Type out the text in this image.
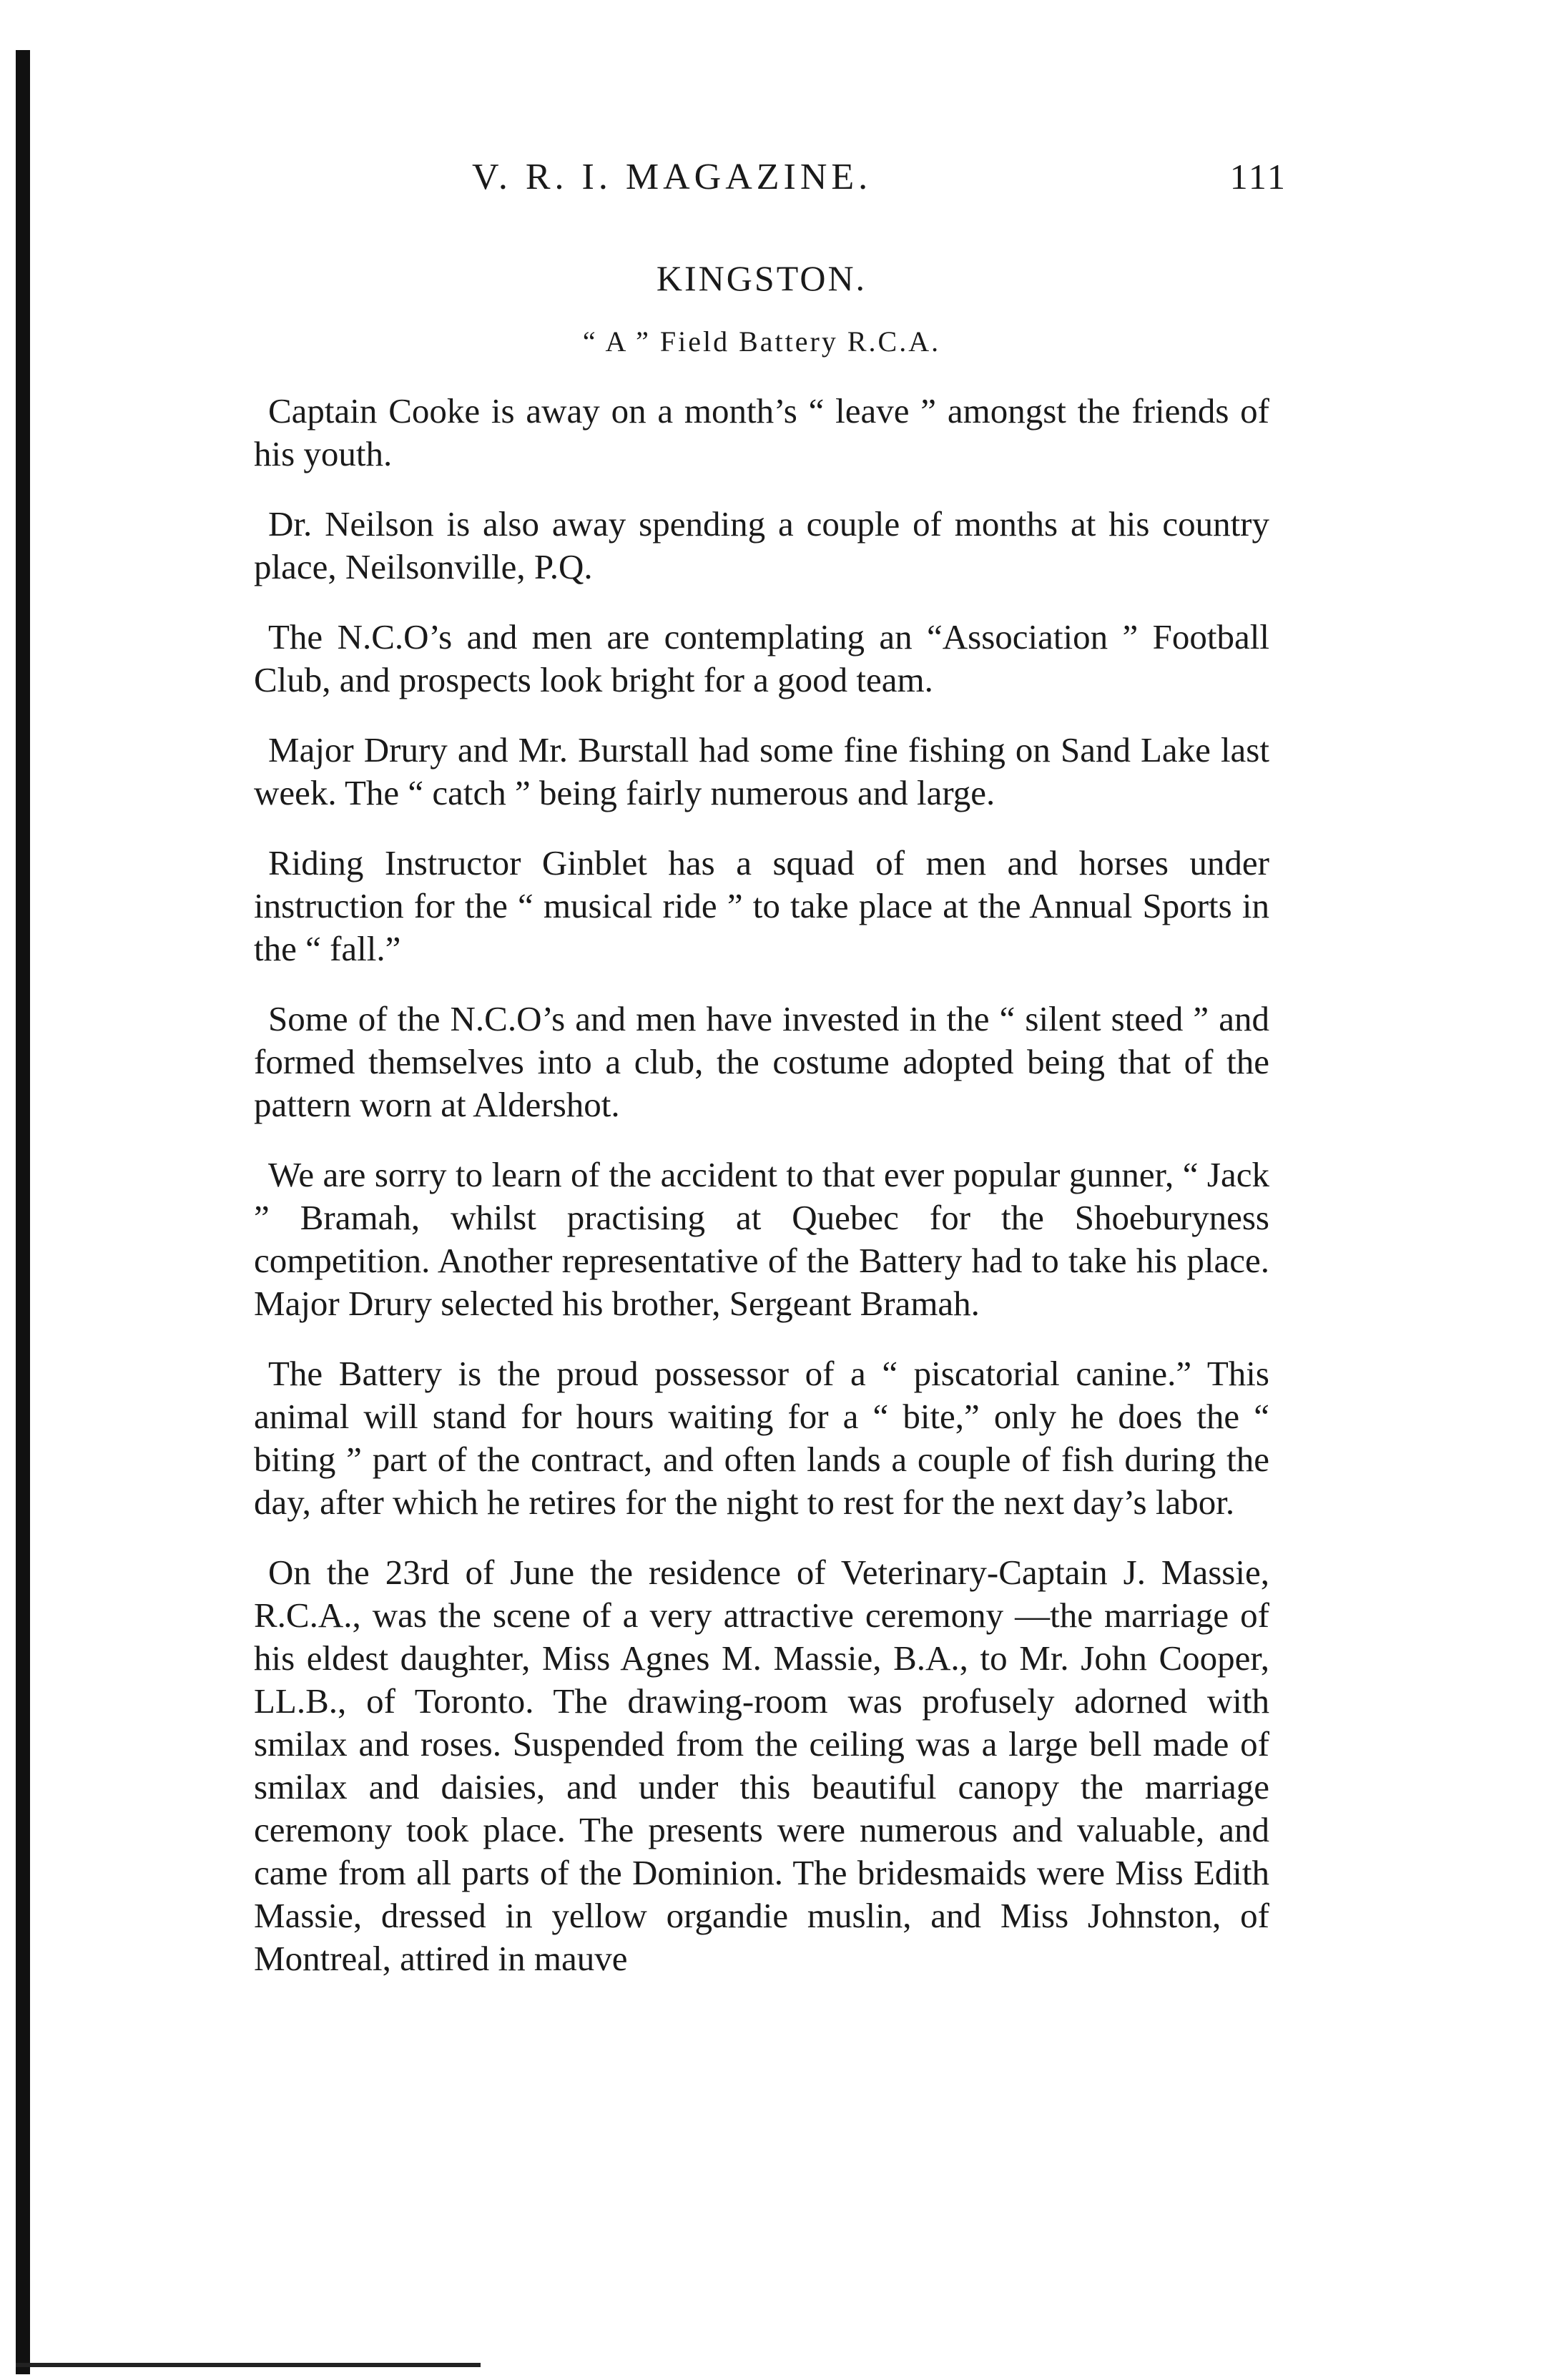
V. R. I. MAGAZINE.	111
KINGSTON.
“ A ” Field Battery R.C.A.

Captain Cooke is away on a month’s “ leave ” amongst the friends of his youth.

Dr. Neilson is also away spending a couple of months at his country place, Neilsonville, P.Q.

The N.C.O’s and men are contemplating an “Association ” Football Club, and prospects look bright for a good team.

Major Drury and Mr. Burstall had some fine fishing on Sand Lake last week. The “ catch ” being fairly numerous and large.

Riding Instructor Ginblet has a squad of men and horses under instruction for the “ musical ride ” to take place at the Annual Sports in the “ fall.”

Some of the N.C.O’s and men have invested in the “ silent steed ” and formed themselves into a club, the costume adopted being that of the pattern worn at Aldershot.

We are sorry to learn of the accident to that ever popular gunner, “ Jack ” Bramah, whilst practising at Quebec for the Shoeburyness competition. Another representative of the Battery had to take his place. Major Drury selected his brother, Sergeant Bramah.

The Battery is the proud possessor of a “ piscatorial canine.” This animal will stand for hours waiting for a “ bite,” only he does the “ biting ” part of the contract, and often lands a couple of fish during the day, after which he retires for the night to rest for the next day’s labor.

On the 23rd of June the residence of Veterinary-Captain J. Massie, R.C.A., was the scene of a very attractive ceremony —the marriage of his eldest daughter, Miss Agnes M. Massie, B.A., to Mr. John Cooper, LL.B., of Toronto. The drawing-room was profusely adorned with smilax and roses. Suspended from the ceiling was a large bell made of smilax and daisies, and under this beautiful canopy the marriage ceremony took place. The presents were numerous and valuable, and came from all parts of the Dominion. The bridesmaids were Miss Edith Massie, dressed in yellow organdie muslin, and Miss Johnston, of Montreal, attired in mauve
